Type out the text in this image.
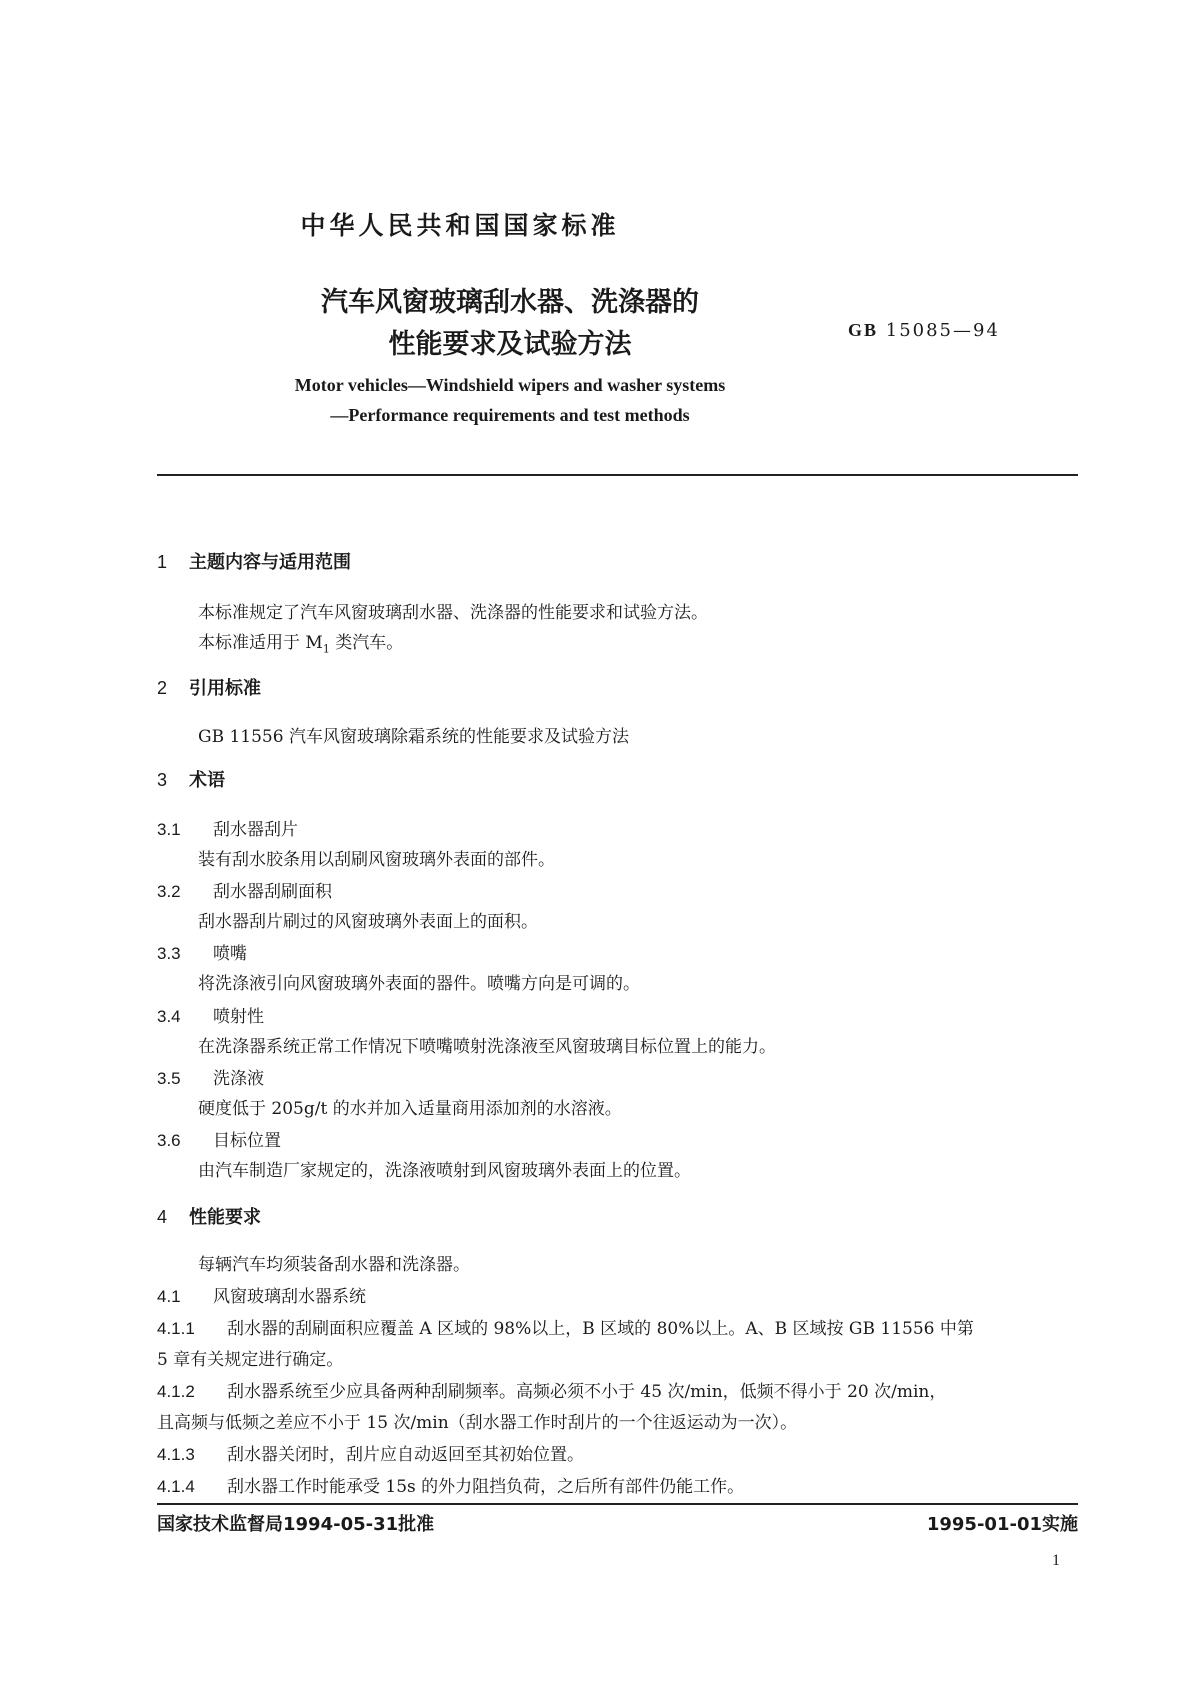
中华人民共和国国家标准
汽车风窗玻璃刮水器、洗涤器的
性能要求及试验方法	GB 15085—94
Motor vehicles—Windshield wipers and washer systems
—Performance requirements and test methods
1 主题内容与适用范围
本标准规定了汽车风窗玻璃刮水器、洗涤器的性能要求和试验方法。
本标准适用于 $M_1$ 类汽车。
2 引用标准
GB 11556 汽车风窗玻璃除霜系统的性能要求及试验方法
3 术语
3.1 刮水器刮片
装有刮水胶条用以刮刷风窗玻璃外表面的部件。
3.2 刮水器刮刷面积
刮水器刮片刷过的风窗玻璃外表面上的面积。
3.3 喷嘴
将洗涤液引向风窗玻璃外表面的器件。喷嘴方向是可调的。
3.4 喷射性
在洗涤器系统正常工作情况下喷嘴喷射洗涤液至风窗玻璃目标位置上的能力。
3.5 洗涤液
硬度低于 205g/t 的水并加入适量商用添加剂的水溶液。
3.6 目标位置
由汽车制造厂家规定的，洗涤液喷射到风窗玻璃外表面上的位置。
4 性能要求
每辆汽车均须装备刮水器和洗涤器。
4.1 风窗玻璃刮水器系统
4.1.1 刮水器的刮刷面积应覆盖 A 区域的 98%以上，B 区域的 80%以上。A、B 区域按 GB 11556 中第
5 章有关规定进行确定。
4.1.2 刮水器系统至少应具备两种刮刷频率。高频必须不小于 45 次/min，低频不得小于 20 次/min，
且高频与低频之差应不小于 15 次/min（刮水器工作时刮片的一个往返运动为一次）。
4.1.3 刮水器关闭时，刮片应自动返回至其初始位置。
4.1.4 刮水器工作时能承受 15s 的外力阻挡负荷，之后所有部件仍能工作。
国家技术监督局1994-05-31批准	1995-01-01实施
1
